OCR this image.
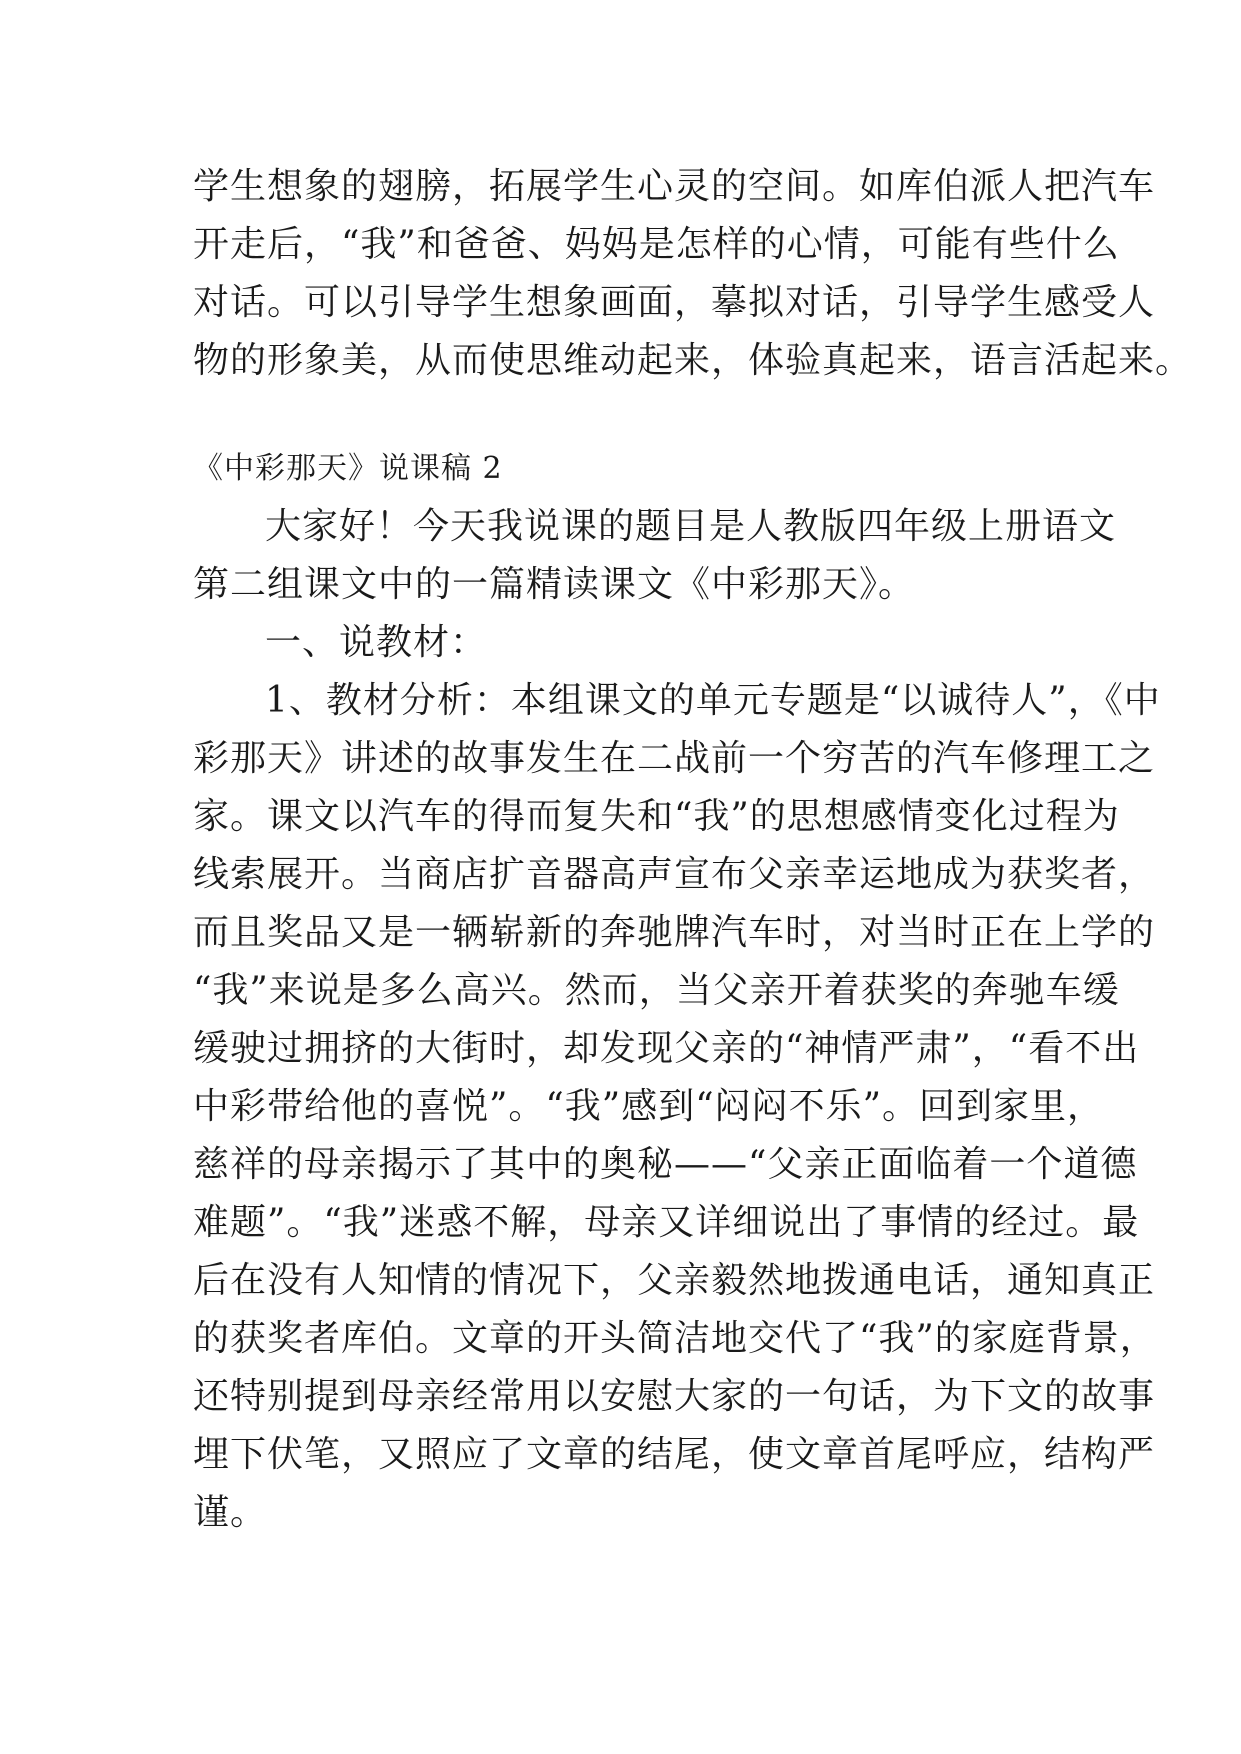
学生想象的翅膀，拓展学生心灵的空间。如库伯派人把汽车
开走后，“我”和爸爸、妈妈是怎样的心情，可能有些什么
对话。可以引导学生想象画面，摹拟对话，引导学生感受人
物的形象美，从而使思维动起来，体验真起来，语言活起来。
《中彩那天》说课稿 2
大家好！今天我说课的题目是人教版四年级上册语文
第二组课文中的一篇精读课文《中彩那天》。
一、说教材：
1、教材分析：本组课文的单元专题是“以诚待人”，《中
彩那天》讲述的故事发生在二战前一个穷苦的汽车修理工之
家。课文以汽车的得而复失和“我”的思想感情变化过程为
线索展开。当商店扩音器高声宣布父亲幸运地成为获奖者，
而且奖品又是一辆崭新的奔驰牌汽车时，对当时正在上学的
“我”来说是多么高兴。然而，当父亲开着获奖的奔驰车缓
缓驶过拥挤的大街时，却发现父亲的“神情严肃”，“看不出
中彩带给他的喜悦”。“我”感到“闷闷不乐”。回到家里，
慈祥的母亲揭示了其中的奥秘——“父亲正面临着一个道德
难题”。“我”迷惑不解，母亲又详细说出了事情的经过。最
后在没有人知情的情况下，父亲毅然地拨通电话，通知真正
的获奖者库伯。文章的开头简洁地交代了“我”的家庭背景，
还特别提到母亲经常用以安慰大家的一句话，为下文的故事
埋下伏笔，又照应了文章的结尾，使文章首尾呼应，结构严
谨。
